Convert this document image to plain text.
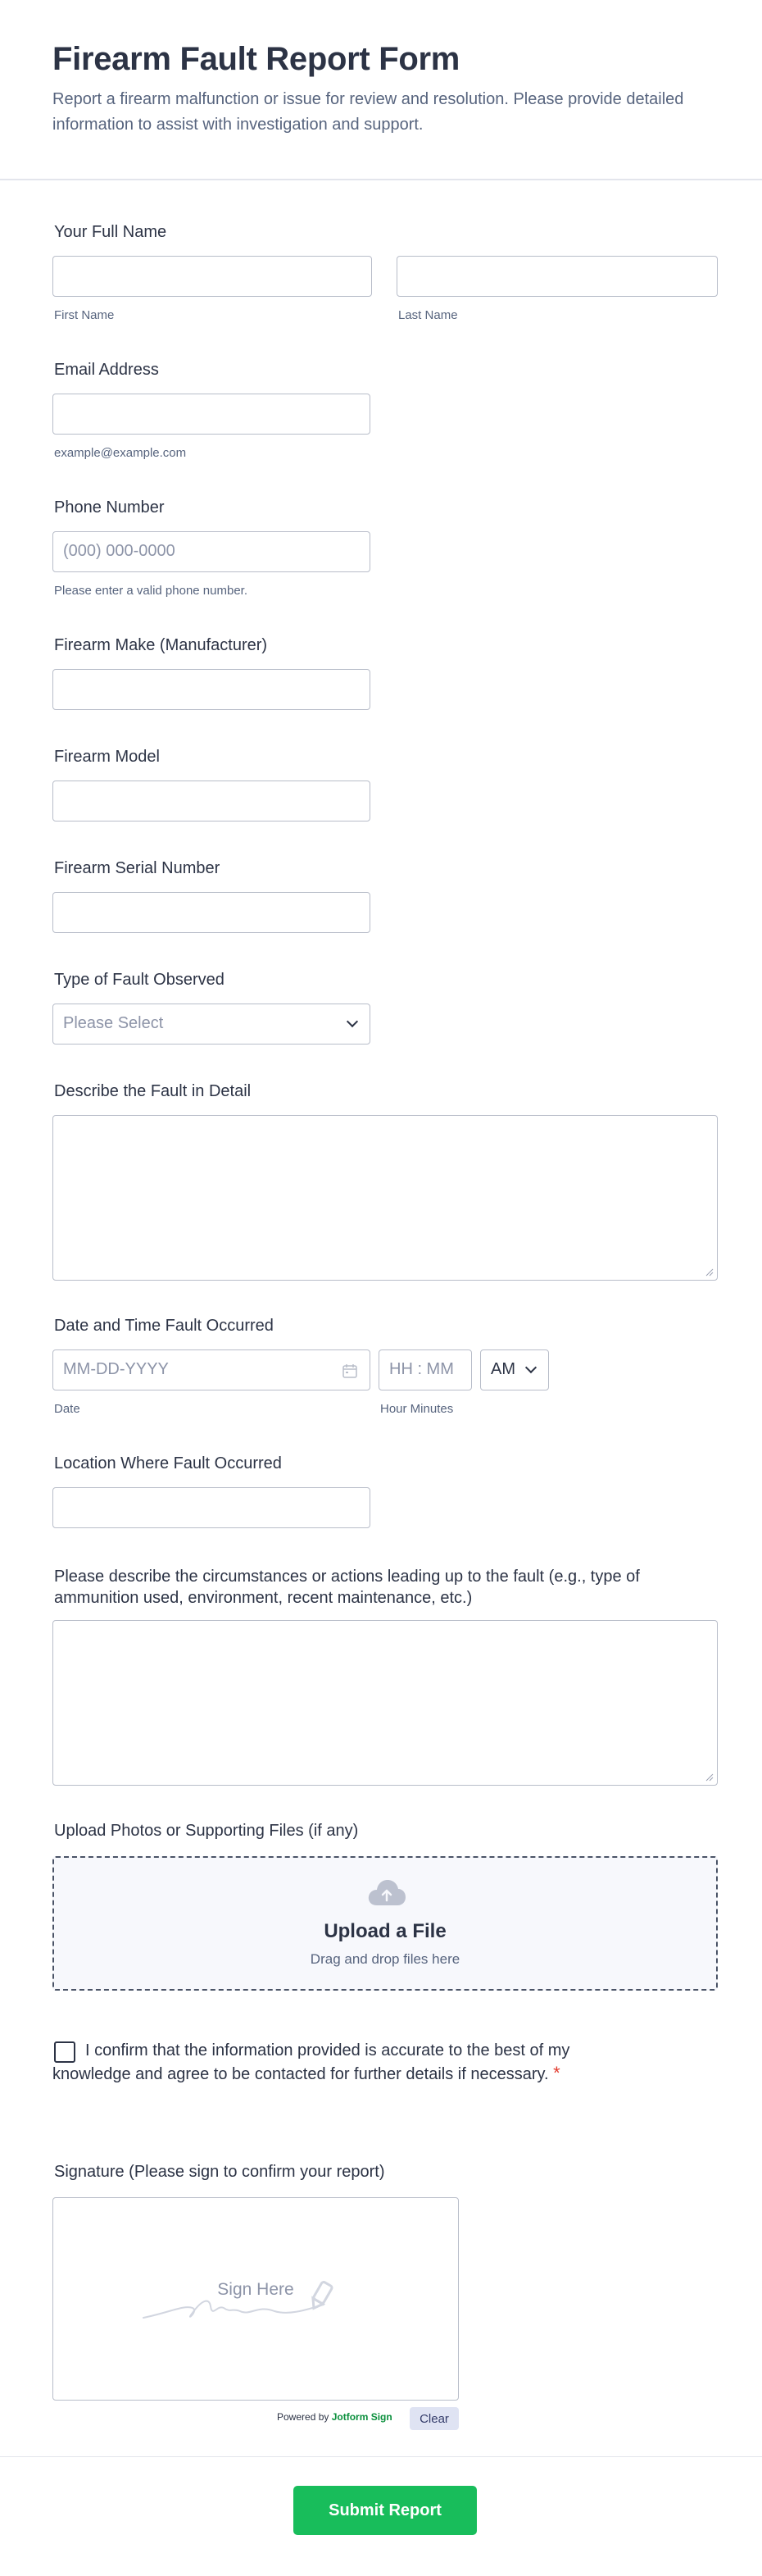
Firearm Fault Report Form
Report a firearm malfunction or issue for review and resolution. Please provide detailed information to assist with investigation and support.
Your Full Name
First Name	Last Name
Email Address
example@example.com
Phone Number
(000) 000-0000
Please enter a valid phone number.
Firearm Make (Manufacturer)
Firearm Model
Firearm Serial Number
Type of Fault Observed
Please Select
Describe the Fault in Detail
Date and Time Fault Occurred
MM-DD-YYYY	HH : MM AM
Date	Hour Minutes
Location Where Fault Occurred
Please describe the circumstances or actions leading up to the fault (e.g., type of ammunition used, environment, recent maintenance, etc.)
Upload Photos or Supporting Files (if any)
Upload a File
Drag and drop files here
I confirm that the information provided is accurate to the best of my knowledge and agree to be contacted for further details if necessary. *
Signature (Please sign to confirm your report)
Sign Here
Powered by Jotform Sign	Clear
Submit Report
